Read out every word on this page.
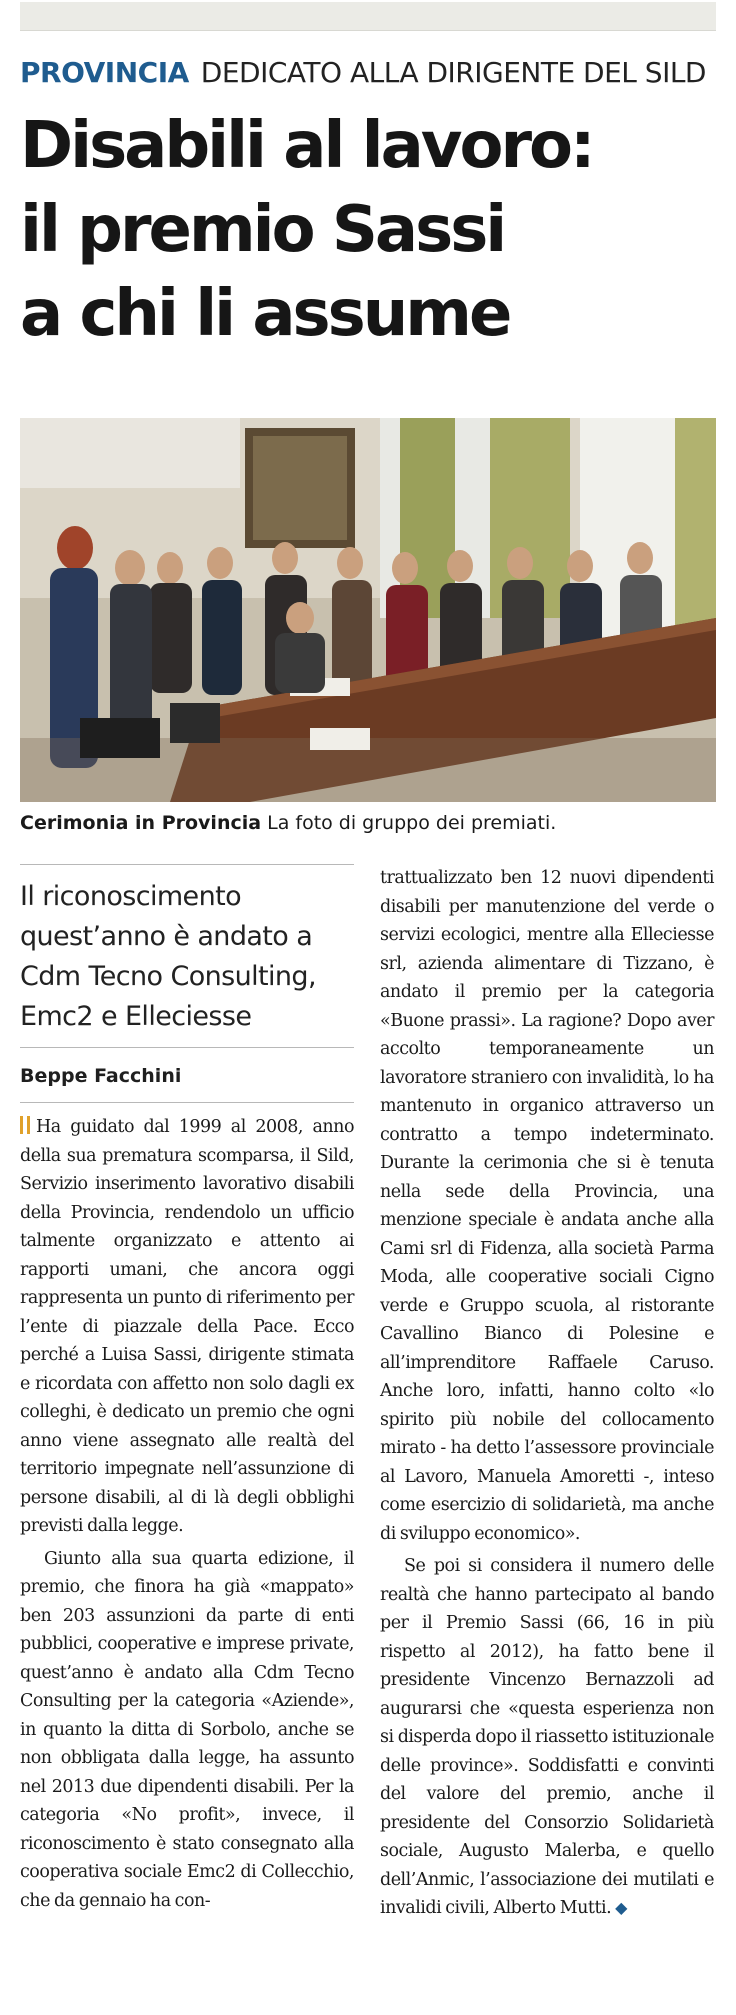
PROVINCIA DEDICATO ALLA DIRIGENTE DEL SILD
Disabili al lavoro:
il premio Sassi
a chi li assume
Cerimonia in Provincia La foto di gruppo dei premiati.
Il riconoscimento quest’anno è andato a Cdm Tecno Consulting, Emc2 e Elleciesse
Beppe Facchini

Ha guidato dal 1999 al 2008, anno della sua prematura scomparsa, il Sild, Servizio inserimento lavorativo disabili della Provincia, rendendolo un ufficio talmente organizzato e attento ai rapporti umani, che ancora oggi rappresenta un punto di riferimento per l’ente di piazzale della Pace. Ecco perché a Luisa Sassi, dirigente stimata e ricordata con affetto non solo dagli ex colleghi, è dedicato un premio che ogni anno viene assegnato alle realtà del territorio impegnate nell’assunzione di persone disabili, al di là degli obblighi previsti dalla legge.

Giunto alla sua quarta edizione, il premio, che finora ha già «mappato» ben 203 assunzioni da parte di enti pubblici, cooperative e imprese private, quest’anno è andato alla Cdm Tecno Consulting per la categoria «Aziende», in quanto la ditta di Sorbolo, anche se non obbligata dalla legge, ha assunto nel 2013 due dipendenti disabili. Per la categoria «No profit», invece, il riconoscimento è stato consegnato alla cooperativa sociale Emc2 di Collecchio, che da gennaio ha con-

trattualizzato ben 12 nuovi dipendenti disabili per manutenzione del verde o servizi ecologici, mentre alla Elleciesse srl, azienda alimentare di Tizzano, è andato il premio per la categoria «Buone prassi». La ragione? Dopo aver accolto temporaneamente un lavoratore straniero con invalidità, lo ha mantenuto in organico attraverso un contratto a tempo indeterminato. Durante la cerimonia che si è tenuta nella sede della Provincia, una menzione speciale è andata anche alla Cami srl di Fidenza, alla società Parma Moda, alle cooperative sociali Cigno verde e Gruppo scuola, al ristorante Cavallino Bianco di Polesine e all’imprenditore Raffaele Caruso. Anche loro, infatti, hanno colto «lo spirito più nobile del collocamento mirato - ha detto l’assessore provinciale al Lavoro, Manuela Amoretti -, inteso come esercizio di solidarietà, ma anche di sviluppo economico».

Se poi si considera il numero delle realtà che hanno partecipato al bando per il Premio Sassi (66, 16 in più rispetto al 2012), ha fatto bene il presidente Vincenzo Bernazzoli ad augurarsi che «questa esperienza non si disperda dopo il riassetto istituzionale delle province». Soddisfatti e convinti del valore del premio, anche il presidente del Consorzio Solidarietà sociale, Augusto Malerba, e quello dell’Anmic, l’associazione dei mutilati e invalidi civili, Alberto Mutti. ◆
